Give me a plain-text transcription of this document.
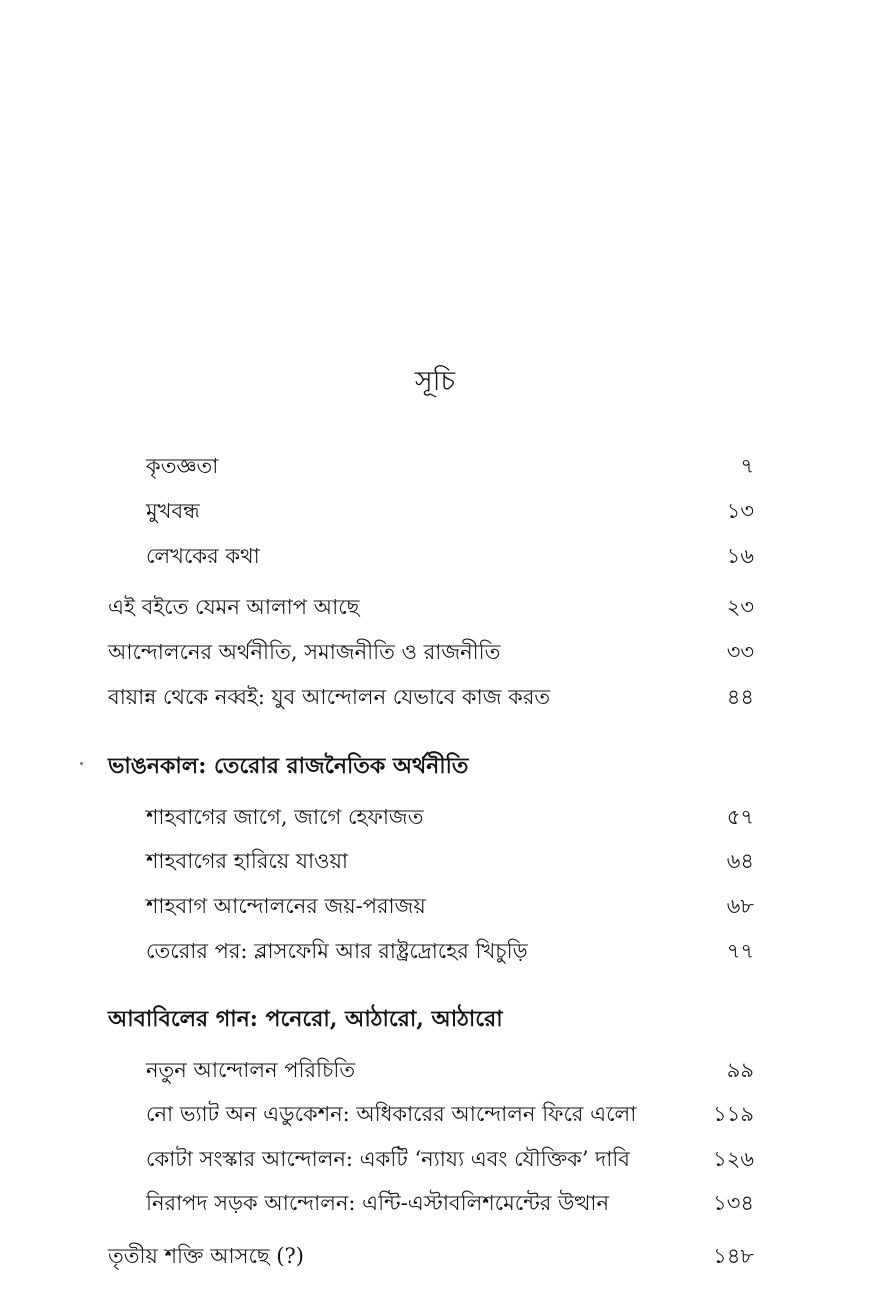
সূচি
কৃতজ্ঞতা	৭
মুখবন্ধ	১৩
লেখকের কথা	১৬
এই বইতে যেমন আলাপ আছে	২৩
আন্দোলনের অর্থনীতি, সমাজনীতি ও রাজনীতি	৩৩
বায়ান্ন থেকে নব্বই: যুব আন্দোলন যেভাবে কাজ করত	৪৪
ভাঙনকাল: তেরোর রাজনৈতিক অর্থনীতি
শাহবাগের জাগে, জাগে হেফাজত	৫৭
শাহবাগের হারিয়ে যাওয়া	৬৪
শাহবাগ আন্দোলনের জয়-পরাজয়	৬৮
তেরোর পর: ব্লাসফেমি আর রাষ্ট্রদ্রোহের খিচুড়ি	৭৭
আবাবিলের গান: পনেরো, আঠারো, আঠারো
নতুন আন্দোলন পরিচিতি	৯৯
নো ভ্যাট অন এডুকেশন: অধিকারের আন্দোলন ফিরে এলো	১১৯
কোটা সংস্কার আন্দোলন: একটি ‘ন্যায্য এবং যৌক্তিক’ দাবি	১২৬
নিরাপদ সড়ক আন্দোলন: এন্টি-এস্টাবলিশমেন্টের উত্থান	১৩৪
তৃতীয় শক্তি আসছে (?)	১৪৮
